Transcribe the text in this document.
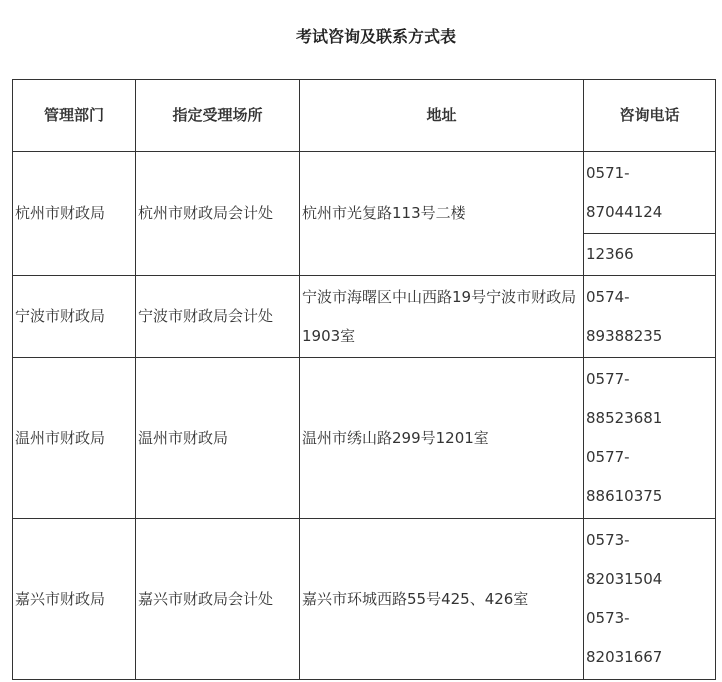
考试咨询及联系方式表
管理部门	指定受理场所	地址	咨询电话
杭州市财政局	杭州市财政局会计处	杭州市光复路113号二楼	0571-
87044124

			12366

宁波市财政局	宁波市财政局会计处	宁波市海曙区中山西路19号宁波市财政局1903室	0574-
89388235

温州市财政局	温州市财政局	温州市绣山路299号1201室	0577-
88523681
0577-
88610375

嘉兴市财政局	嘉兴市财政局会计处	嘉兴市环城西路55号425、426室	0573-
82031504
0573-
82031667
